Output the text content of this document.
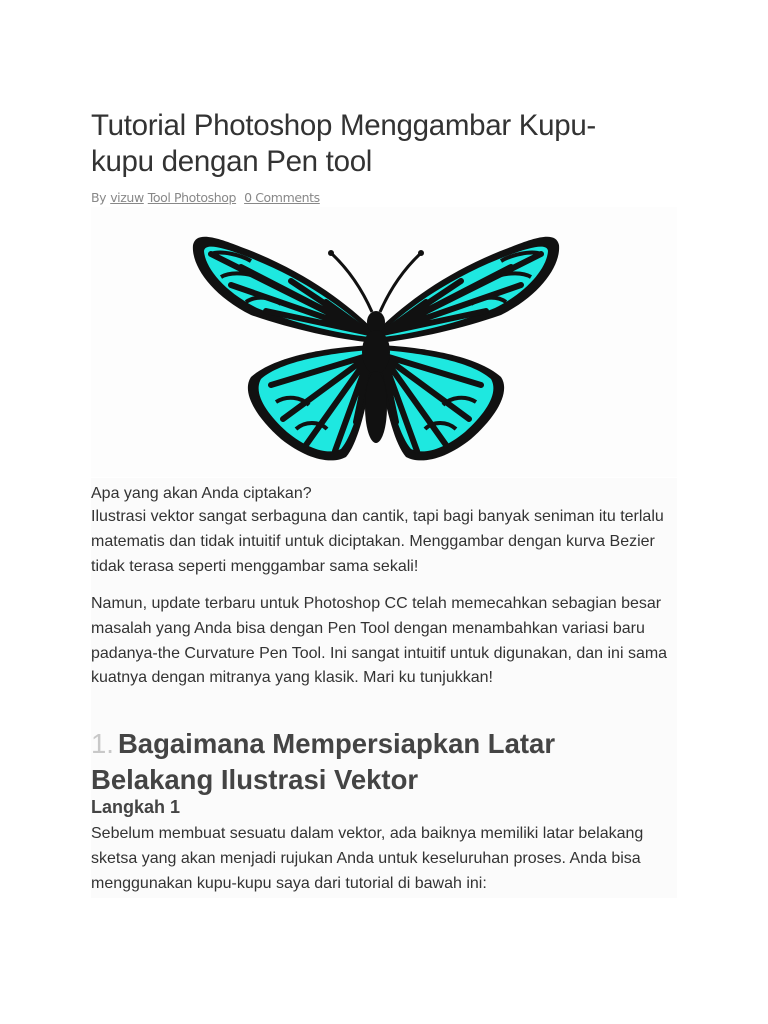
Tutorial Photoshop Menggambar Kupu-kupu dengan Pen tool
By vizuw Tool Photoshop 0 Comments

Apa yang akan Anda ciptakan?

Ilustrasi vektor sangat serbaguna dan cantik, tapi bagi banyak seniman itu terlalu matematis dan tidak intuitif untuk diciptakan. Menggambar dengan kurva Bezier tidak terasa seperti menggambar sama sekali!

Namun, update terbaru untuk Photoshop CC telah memecahkan sebagian besar masalah yang Anda bisa dengan Pen Tool dengan menambahkan variasi baru padanya-the Curvature Pen Tool. Ini sangat intuitif untuk digunakan, dan ini sama kuatnya dengan mitranya yang klasik. Mari ku tunjukkan!

1. Bagaimana Mempersiapkan Latar Belakang Ilustrasi Vektor
Langkah 1

Sebelum membuat sesuatu dalam vektor, ada baiknya memiliki latar belakang sketsa yang akan menjadi rujukan Anda untuk keseluruhan proses. Anda bisa menggunakan kupu-kupu saya dari tutorial di bawah ini:
